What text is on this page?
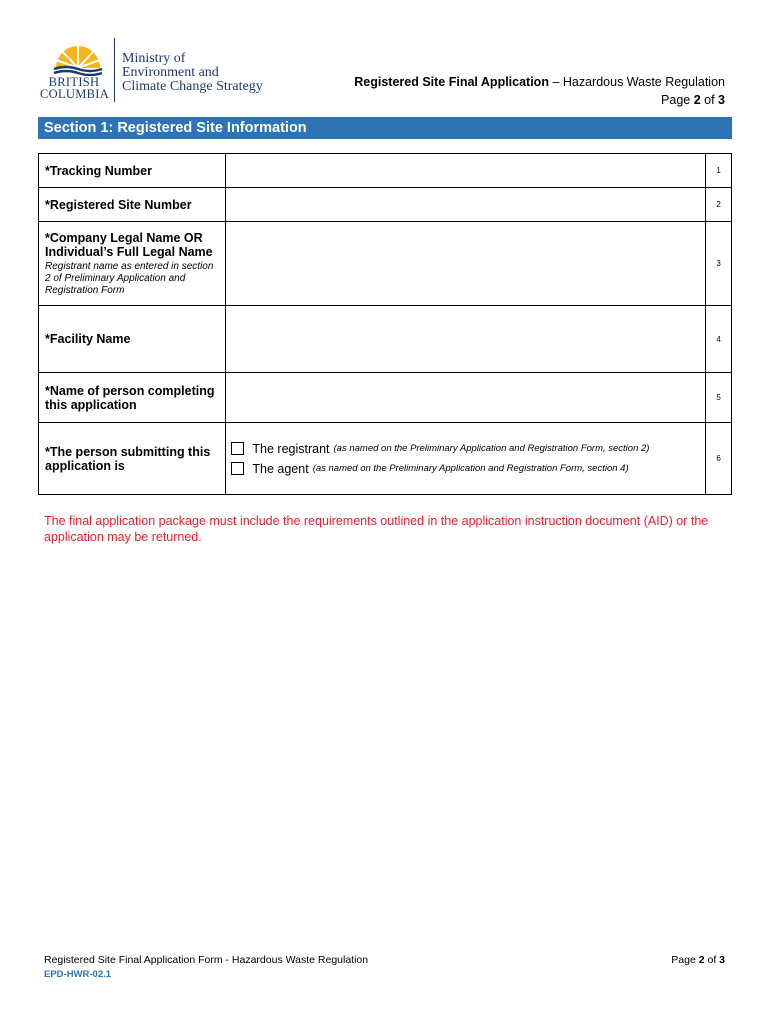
BRITISH
COLUMBIA
Ministry of
Environment and
Climate Change Strategy	Registered Site Final Application – Hazardous Waste Regulation
Page 2 of 3
Section 1: Registered Site Information
*Tracking Number		1
*Registered Site Number		2
*Company Legal Name OR Individual’s Full Legal Name
Registrant name as entered in section 2 of Preliminary Application and Registration Form		3
*Facility Name		4
*Name of person completing this application		5
*The person submitting this application is	The registrant (as named on the Preliminary Application and Registration Form, section 2)
The agent (as named on the Preliminary Application and Registration Form, section 4)	6
The final application package must include the requirements outlined in the application instruction document (AID) or the application may be returned.
Registered Site Final Application Form - Hazardous Waste Regulation
EPD-HWR-02.1
Page 2 of 3
